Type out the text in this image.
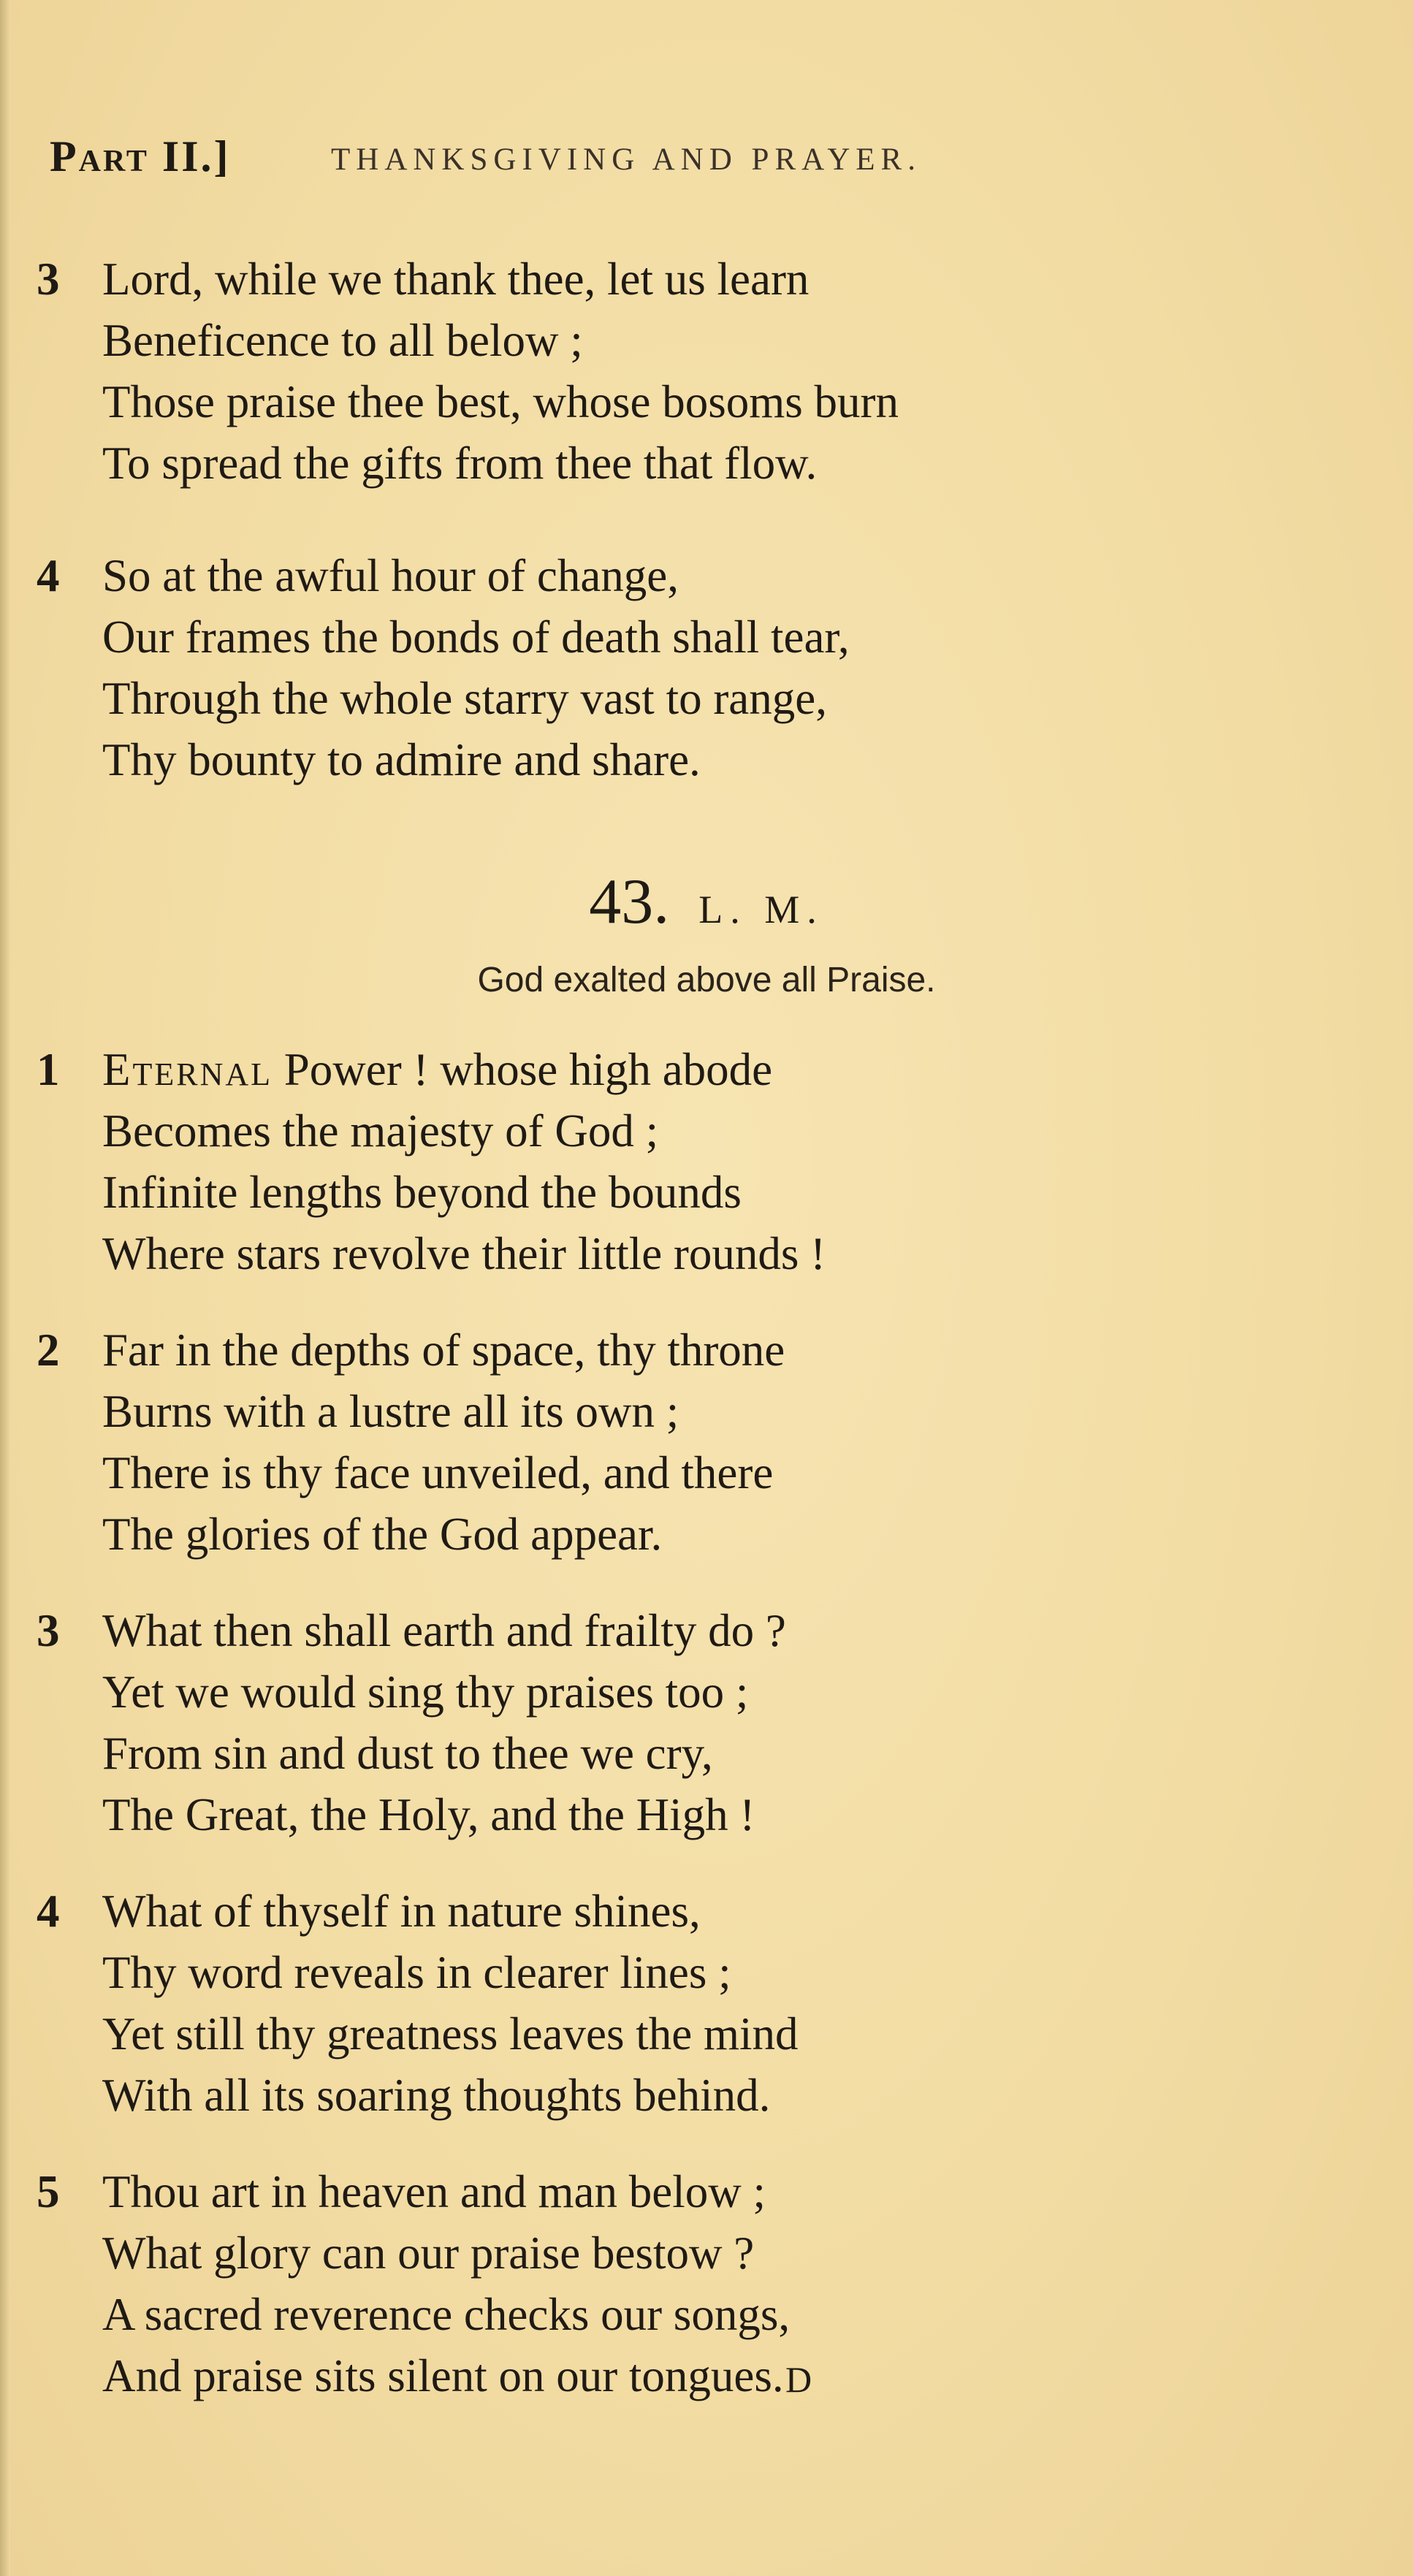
Part II.]	THANKSGIVING AND PRAYER.
3 Lord, while we thank thee, let us learn
Beneficence to all below ;
Those praise thee best, whose bosoms burn
To spread the gifts from thee that flow.
4 So at the awful hour of change,
Our frames the bonds of death shall tear,
Through the whole starry vast to range,
Thy bounty to admire and share.
43. L. M.
God exalted above all Praise.
1 Eternal Power ! whose high abode
Becomes the majesty of God ;
Infinite lengths beyond the bounds
Where stars revolve their little rounds !
2 Far in the depths of space, thy throne
Burns with a lustre all its own ;
There is thy face unveiled, and there
The glories of the God appear.
3 What then shall earth and frailty do ?
Yet we would sing thy praises too ;
From sin and dust to thee we cry,
The Great, the Holy, and the High !
4 What of thyself in nature shines,
Thy word reveals in clearer lines ;
Yet still thy greatness leaves the mind
With all its soaring thoughts behind.
5 Thou art in heaven and man below ;
What glory can our praise bestow ?
A sacred reverence checks our songs,
And praise sits silent on our tongues. D
